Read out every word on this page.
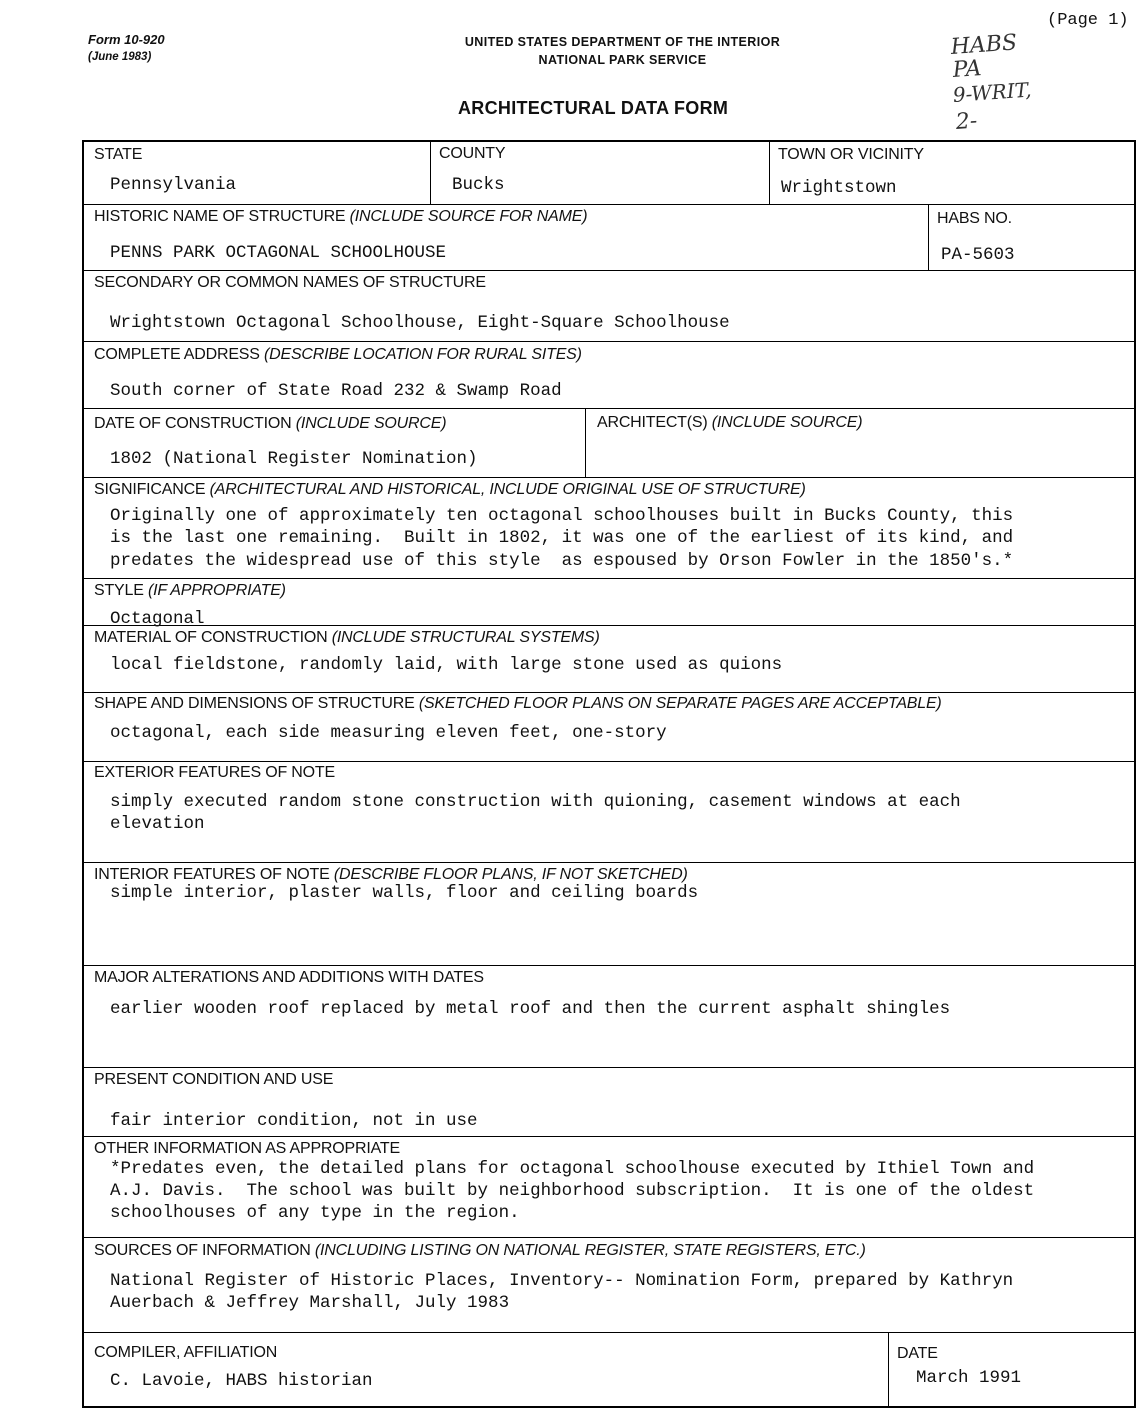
(Page 1)
Form 10-920
(June 1983)
UNITED STATES DEPARTMENT OF THE INTERIOR
NATIONAL PARK SERVICE
ARCHITECTURAL DATA FORM
HABS
PA
9-WRIT,
2-
STATE
Pennsylvania
COUNTY
Bucks
TOWN OR VICINITY
Wrightstown
HISTORIC NAME OF STRUCTURE (INCLUDE SOURCE FOR NAME)
PENNS PARK OCTAGONAL SCHOOLHOUSE
HABS NO.
PA-5603
SECONDARY OR COMMON NAMES OF STRUCTURE
Wrightstown Octagonal Schoolhouse, Eight-Square Schoolhouse
COMPLETE ADDRESS (DESCRIBE LOCATION FOR RURAL SITES)
South corner of State Road 232 & Swamp Road
DATE OF CONSTRUCTION (INCLUDE SOURCE)
1802 (National Register Nomination)
ARCHITECT(S) (INCLUDE SOURCE)
SIGNIFICANCE (ARCHITECTURAL AND HISTORICAL, INCLUDE ORIGINAL USE OF STRUCTURE)
Originally one of approximately ten octagonal schoolhouses built in Bucks County, this
is the last one remaining.  Built in 1802, it was one of the earliest of its kind, and
predates the widespread use of this style  as espoused by Orson Fowler in the 1850's.*
STYLE (IF APPROPRIATE)
Octagonal
MATERIAL OF CONSTRUCTION (INCLUDE STRUCTURAL SYSTEMS)
local fieldstone, randomly laid, with large stone used as quions
SHAPE AND DIMENSIONS OF STRUCTURE (SKETCHED FLOOR PLANS ON SEPARATE PAGES ARE ACCEPTABLE)
octagonal, each side measuring eleven feet, one-story
EXTERIOR FEATURES OF NOTE
simply executed random stone construction with quioning, casement windows at each
elevation
INTERIOR FEATURES OF NOTE (DESCRIBE FLOOR PLANS, IF NOT SKETCHED)
simple interior, plaster walls, floor and ceiling boards
MAJOR ALTERATIONS AND ADDITIONS WITH DATES
earlier wooden roof replaced by metal roof and then the current asphalt shingles
PRESENT CONDITION AND USE
fair interior condition, not in use
OTHER INFORMATION AS APPROPRIATE
*Predates even, the detailed plans for octagonal schoolhouse executed by Ithiel Town and
A.J. Davis.  The school was built by neighborhood subscription.  It is one of the oldest
schoolhouses of any type in the region.
SOURCES OF INFORMATION (INCLUDING LISTING ON NATIONAL REGISTER, STATE REGISTERS, ETC.)
National Register of Historic Places, Inventory-- Nomination Form, prepared by Kathryn
Auerbach & Jeffrey Marshall, July 1983
COMPILER, AFFILIATION
C. Lavoie, HABS historian
DATE
March 1991
